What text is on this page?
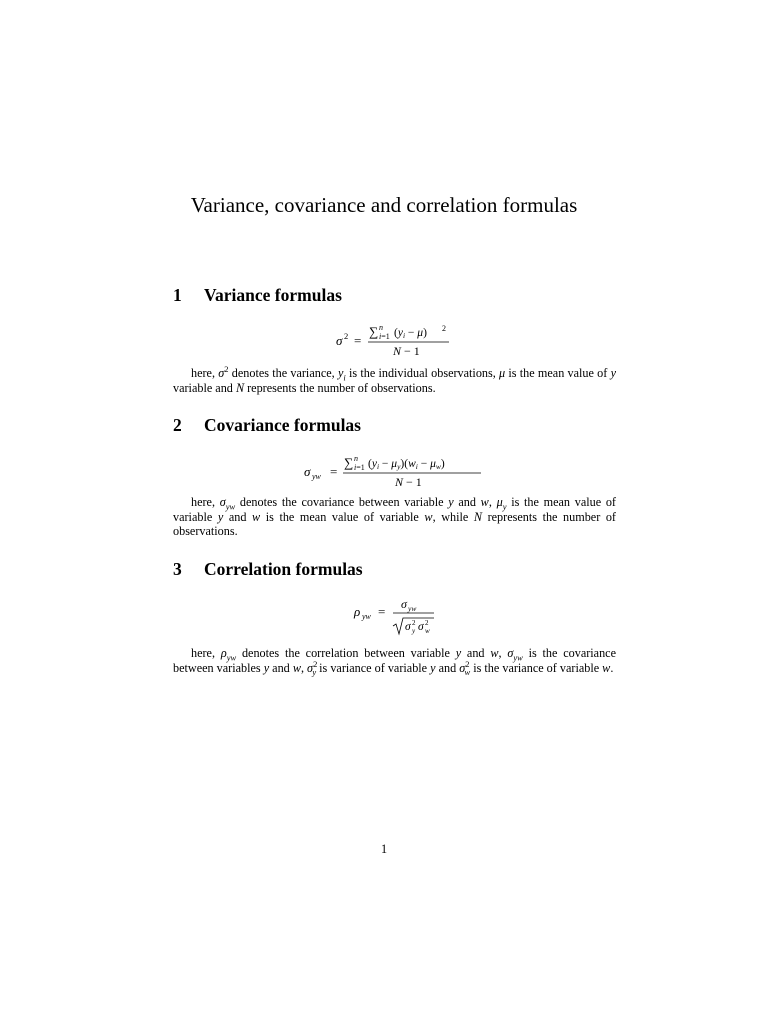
Variance, covariance and correlation formulas
1 Variance formulas
σ 2 =
∑ n
i=1 (yi − μ) 2
N − 1

here, $\sigma^2$ denotes the variance, $y_i$ is the individual observations, μ is the mean value of y variable and N represents the number of observations.

2 Covariance formulas
σ yw =
∑ n
i=1 (yi − μy)(wi − μw)
N − 1

here, $\sigma_{yw}$ denotes the covariance between variable y and w, $\mu_y$ is the mean value of variable y and w is the mean value of variable w, while N represents the number of observations.

3 Correlation formulas
ρ yw = σ yw
σ 2
y σ 2
w

here, $\rho_{yw}$ denotes the correlation between variable y and w, $\sigma_{yw}$ is the covariance between variables y and w, $\sigma^2_y$ is variance of variable y and $\sigma^2_w$ is the variance of variable w.

1
